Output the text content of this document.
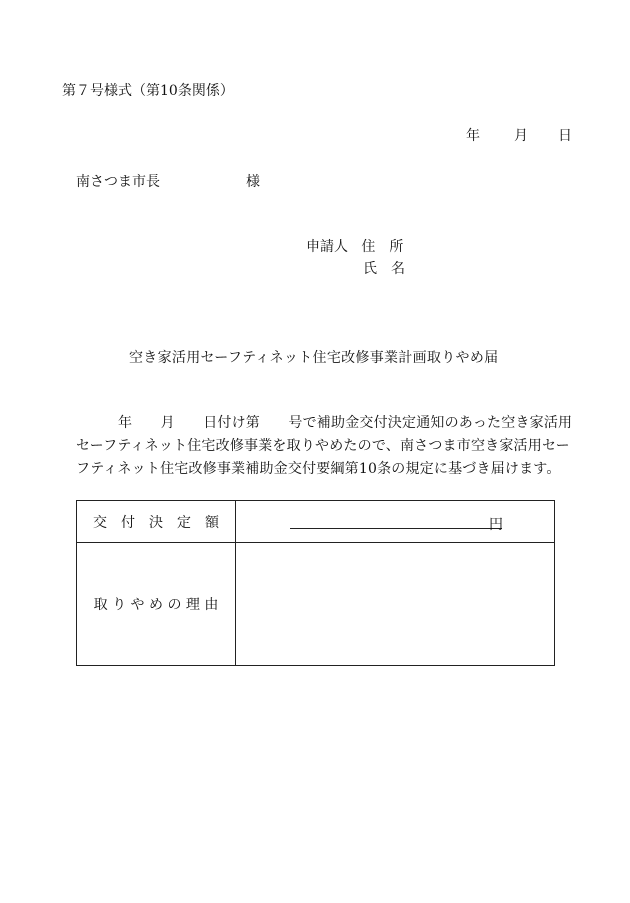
第７号様式（第10条関係）
年 月 日
南さつま市長	様
申請人 住　所
氏　名
空き家活用セーフティネット住宅改修事業計画取りやめ届
年　　月　　日付け第　　号で補助金交付決定通知のあった空き家活用
セーフティネット住宅改修事業を取りやめたので、南さつま市空き家活用セー
フティネット住宅改修事業補助金交付要綱第10条の規定に基づき届けます。
交　付　決　定　額	円

取 り や め の 理 由	
